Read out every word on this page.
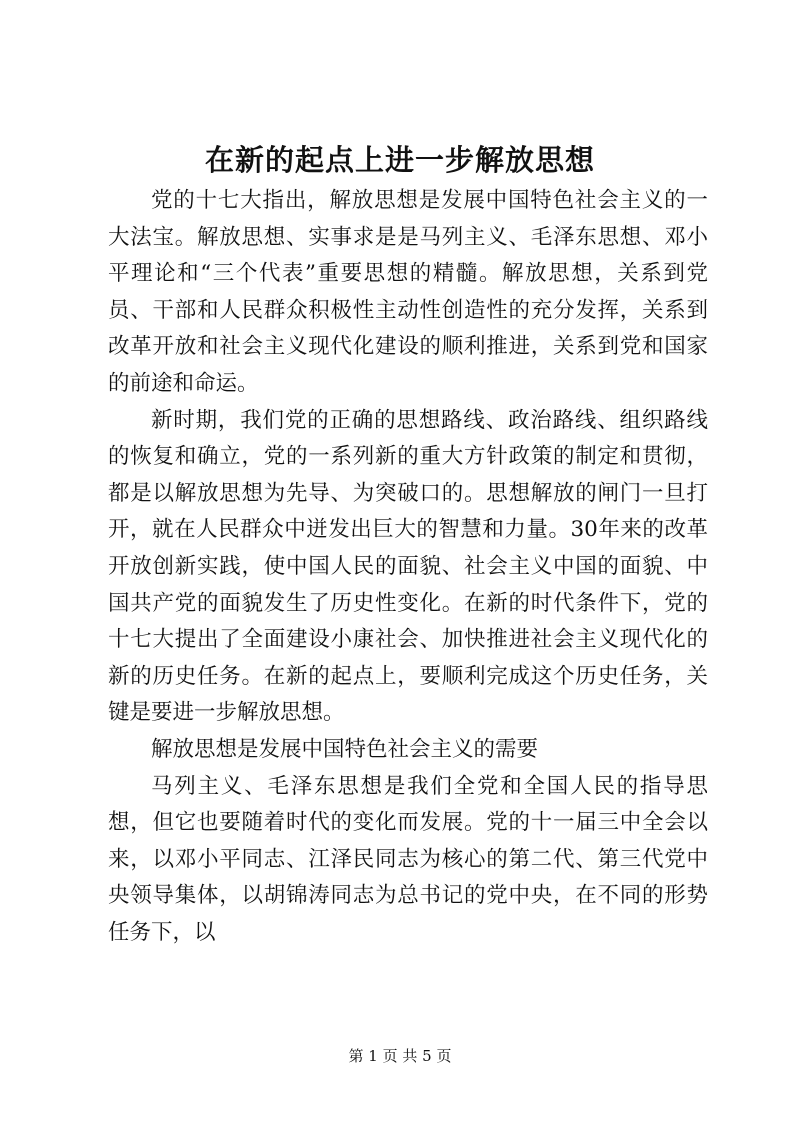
在新的起点上进一步解放思想

党的十七大指出，解放思想是发展中国特色社会主义的一大法宝。解放思想、实事求是是马列主义、毛泽东思想、邓小平理论和“三个代表”重要思想的精髓。解放思想，关系到党员、干部和人民群众积极性主动性创造性的充分发挥，关系到改革开放和社会主义现代化建设的顺利推进，关系到党和国家的前途和命运。

新时期，我们党的正确的思想路线、政治路线、组织路线的恢复和确立，党的一系列新的重大方针政策的制定和贯彻，都是以解放思想为先导、为突破口的。思想解放的闸门一旦打开，就在人民群众中迸发出巨大的智慧和力量。30年来的改革开放创新实践，使中国人民的面貌、社会主义中国的面貌、中国共产党的面貌发生了历史性变化。在新的时代条件下，党的十七大提出了全面建设小康社会、加快推进社会主义现代化的新的历史任务。在新的起点上，要顺利完成这个历史任务，关键是要进一步解放思想。

解放思想是发展中国特色社会主义的需要

马列主义、毛泽东思想是我们全党和全国人民的指导思想，但它也要随着时代的变化而发展。党的十一届三中全会以来，以邓小平同志、江泽民同志为核心的第二代、第三代党中央领导集体，以胡锦涛同志为总书记的党中央，在不同的形势任务下，以

第 1 页 共 5 页
